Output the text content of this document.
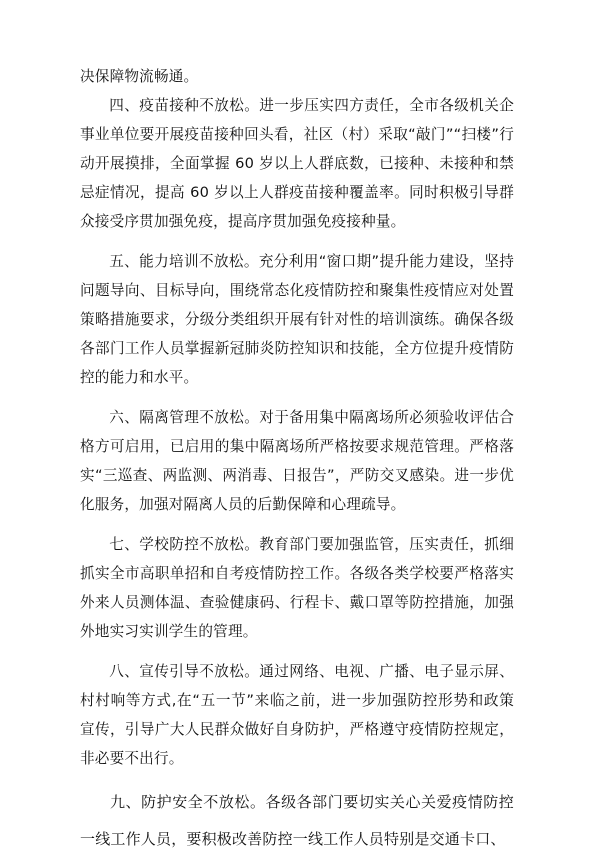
决保障物流畅通。

四、疫苗接种不放松。进一步压实四方责任，全市各级机关企事业单位要开展疫苗接种回头看，社区（村）采取“敲门”“扫楼”行动开展摸排，全面掌握 60 岁以上人群底数，已接种、未接种和禁忌症情况，提高 60 岁以上人群疫苗接种覆盖率。同时积极引导群众接受序贯加强免疫，提高序贯加强免疫接种量。

五、能力培训不放松。充分利用“窗口期”提升能力建设，坚持问题导向、目标导向，围绕常态化疫情防控和聚集性疫情应对处置策略措施要求，分级分类组织开展有针对性的培训演练。确保各级各部门工作人员掌握新冠肺炎防控知识和技能，全方位提升疫情防控的能力和水平。

六、隔离管理不放松。对于备用集中隔离场所必须验收评估合格方可启用，已启用的集中隔离场所严格按要求规范管理。严格落实“三巡查、两监测、两消毒、日报告”，严防交叉感染。进一步优化服务，加强对隔离人员的后勤保障和心理疏导。

七、学校防控不放松。教育部门要加强监管，压实责任，抓细抓实全市高职单招和自考疫情防控工作。各级各类学校要严格落实外来人员测体温、查验健康码、行程卡、戴口罩等防控措施，加强外地实习实训学生的管理。

八、宣传引导不放松。通过网络、电视、广播、电子显示屏、村村响等方式,在“五一节”来临之前，进一步加强防控形势和政策宣传，引导广大人民群众做好自身防护，严格遵守疫情防控规定，非必要不出行。

九、防护安全不放松。各级各部门要切实关心关爱疫情防控一线工作人员，要积极改善防控一线工作人员特别是交通卡口、
